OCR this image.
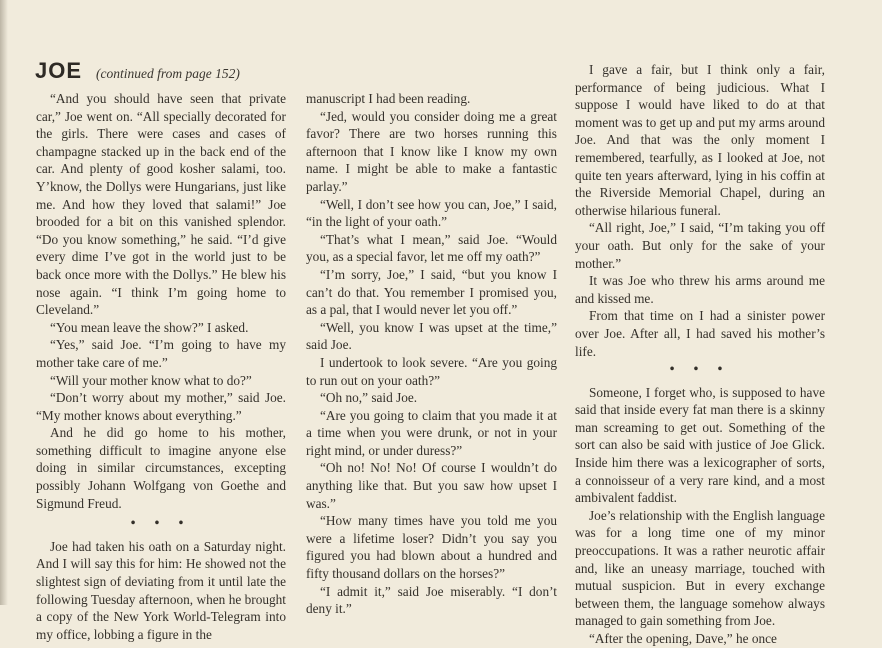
JOE (continued from page 152)

“And you should have seen that private car,” Joe went on. “All specially decorated for the girls. There were cases and cases of champagne stacked up in the back end of the car. And plenty of good kosher salami, too. Y’know, the Dollys were Hungarians, just like me. And how they loved that salami!” Joe brooded for a bit on this vanished splendor. “Do you know something,” he said. “I’d give every dime I’ve got in the world just to be back once more with the Dollys.” He blew his nose again. “I think I’m going home to Cleveland.”

“You mean leave the show?” I asked.

“Yes,” said Joe. “I’m going to have my mother take care of me.”

“Will your mother know what to do?”

“Don’t worry about my mother,” said Joe. “My mother knows about everything.”

And he did go home to his mother, something difficult to imagine anyone else doing in similar circumstances, excepting possibly Johann Wolfgang von Goethe and Sigmund Freud.

• • •

Joe had taken his oath on a Saturday night. And I will say this for him: He showed not the slightest sign of deviating from it until late the following Tuesday afternoon, when he brought a copy of the New York World-Telegram into my office, lobbing a figure in the

manuscript I had been reading.

“Jed, would you consider doing me a great favor? There are two horses running this afternoon that I know like I know my own name. I might be able to make a fantastic parlay.”

“Well, I don’t see how you can, Joe,” I said, “in the light of your oath.”

“That’s what I mean,” said Joe. “Would you, as a special favor, let me off my oath?”

“I’m sorry, Joe,” I said, “but you know I can’t do that. You remember I promised you, as a pal, that I would never let you off.”

“Well, you know I was upset at the time,” said Joe.

I undertook to look severe. “Are you going to run out on your oath?”

“Oh no,” said Joe.

“Are you going to claim that you made it at a time when you were drunk, or not in your right mind, or under duress?”

“Oh no! No! No! Of course I wouldn’t do anything like that. But you saw how upset I was.”

“How many times have you told me you were a lifetime loser? Didn’t you say you figured you had blown about a hundred and fifty thousand dollars on the horses?”

“I admit it,” said Joe miserably. “I don’t deny it.”

I gave a fair, but I think only a fair, performance of being judicious. What I suppose I would have liked to do at that moment was to get up and put my arms around Joe. And that was the only moment I remembered, tearfully, as I looked at Joe, not quite ten years afterward, lying in his coffin at the Riverside Memorial Chapel, during an otherwise hilarious funeral.

“All right, Joe,” I said, “I’m taking you off your oath. But only for the sake of your mother.”

It was Joe who threw his arms around me and kissed me.

From that time on I had a sinister power over Joe. After all, I had saved his mother’s life.

• • •

Someone, I forget who, is supposed to have said that inside every fat man there is a skinny man screaming to get out. Something of the sort can also be said with justice of Joe Glick. Inside him there was a lexicographer of sorts, a connoisseur of a very rare kind, and a most ambivalent faddist.

Joe’s relationship with the English language was for a long time one of my minor preoccupations. It was a rather neurotic affair and, like an uneasy marriage, touched with mutual suspicion. But in every exchange between them, the language somehow always managed to gain something from Joe.

“After the opening, Dave,” he once
